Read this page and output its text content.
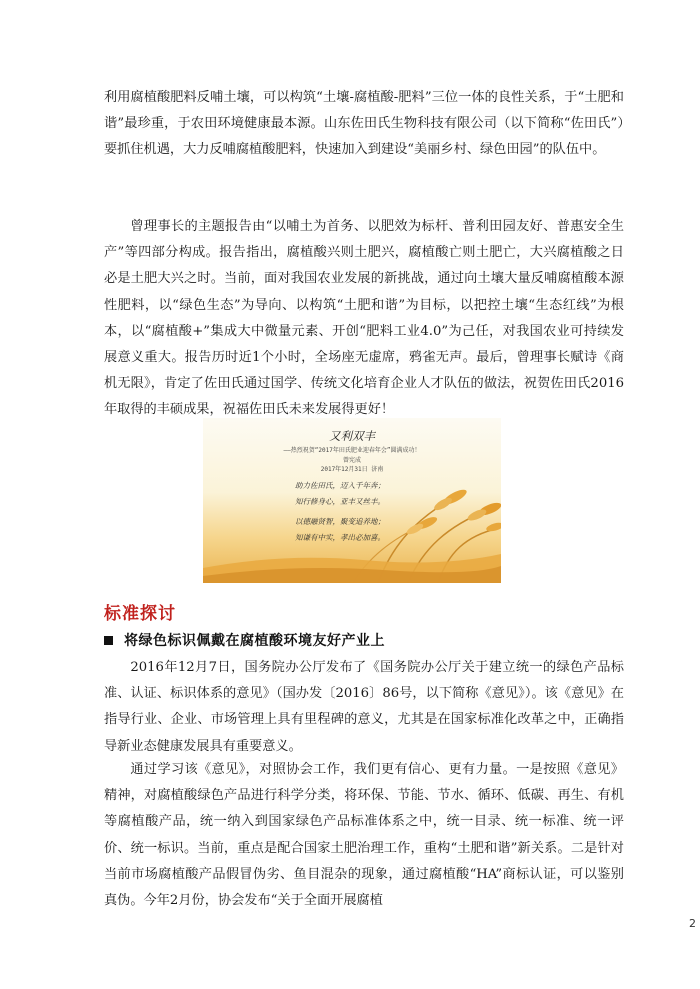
利用腐植酸肥料反哺土壤，可以构筑“土壤-腐植酸-肥料”三位一体的良性关系，于“土肥和谐”最珍重，于农田环境健康最本源。山东佐田氏生物科技有限公司（以下简称“佐田氏”）要抓住机遇，大力反哺腐植酸肥料，快速加入到建设“美丽乡村、绿色田园”的队伍中。

曾理事长的主题报告由“以哺土为首务、以肥效为标杆、普利田园友好、普惠安全生产”等四部分构成。报告指出，腐植酸兴则土肥兴，腐植酸亡则土肥亡，大兴腐植酸之日必是土肥大兴之时。当前，面对我国农业发展的新挑战，通过向土壤大量反哺腐植酸本源性肥料，以“绿色生态”为导向、以构筑“土肥和谐”为目标，以把控土壤“生态红线”为根本，以“腐植酸+”集成大中微量元素、开创“肥料工业4.0”为己任，对我国农业可持续发展意义重大。报告历时近1个小时，全场座无虚席，鸦雀无声。最后，曾理事长赋诗《商机无限》，肯定了佐田氏通过国学、传统文化培育企业人才队伍的做法，祝贺佐田氏2016年取得的丰硕成果，祝福佐田氏未来发展得更好！

又利双丰
——热烈祝贺“2017年田氏肥业迎春年会”圆满成功！
曾宪成
2017年12月31日 济南
助力佐田氏，迈入千年奔；
知行修身心，亚丰又丝丰。
以德融贤智，聚变追养地；
知谦有中实，孝出必加喜。
标准探讨
将绿色标识佩戴在腐植酸环境友好产业上

2016年12月7日，国务院办公厅发布了《国务院办公厅关于建立统一的绿色产品标准、认证、标识体系的意见》（国办发〔2016〕86号，以下简称《意见》）。该《意见》在指导行业、企业、市场管理上具有里程碑的意义，尤其是在国家标准化改革之中，正确指导新业态健康发展具有重要意义。

通过学习该《意见》，对照协会工作，我们更有信心、更有力量。一是按照《意见》精神，对腐植酸绿色产品进行科学分类，将环保、节能、节水、循环、低碳、再生、有机等腐植酸产品，统一纳入到国家绿色产品标准体系之中，统一目录、统一标准、统一评价、统一标识。当前，重点是配合国家土肥治理工作，重构“土肥和谐”新关系。二是针对当前市场腐植酸产品假冒伪劣、鱼目混杂的现象，通过腐植酸“HA”商标认证，可以鉴别真伪。今年2月份，协会发布“关于全面开展腐植

2
